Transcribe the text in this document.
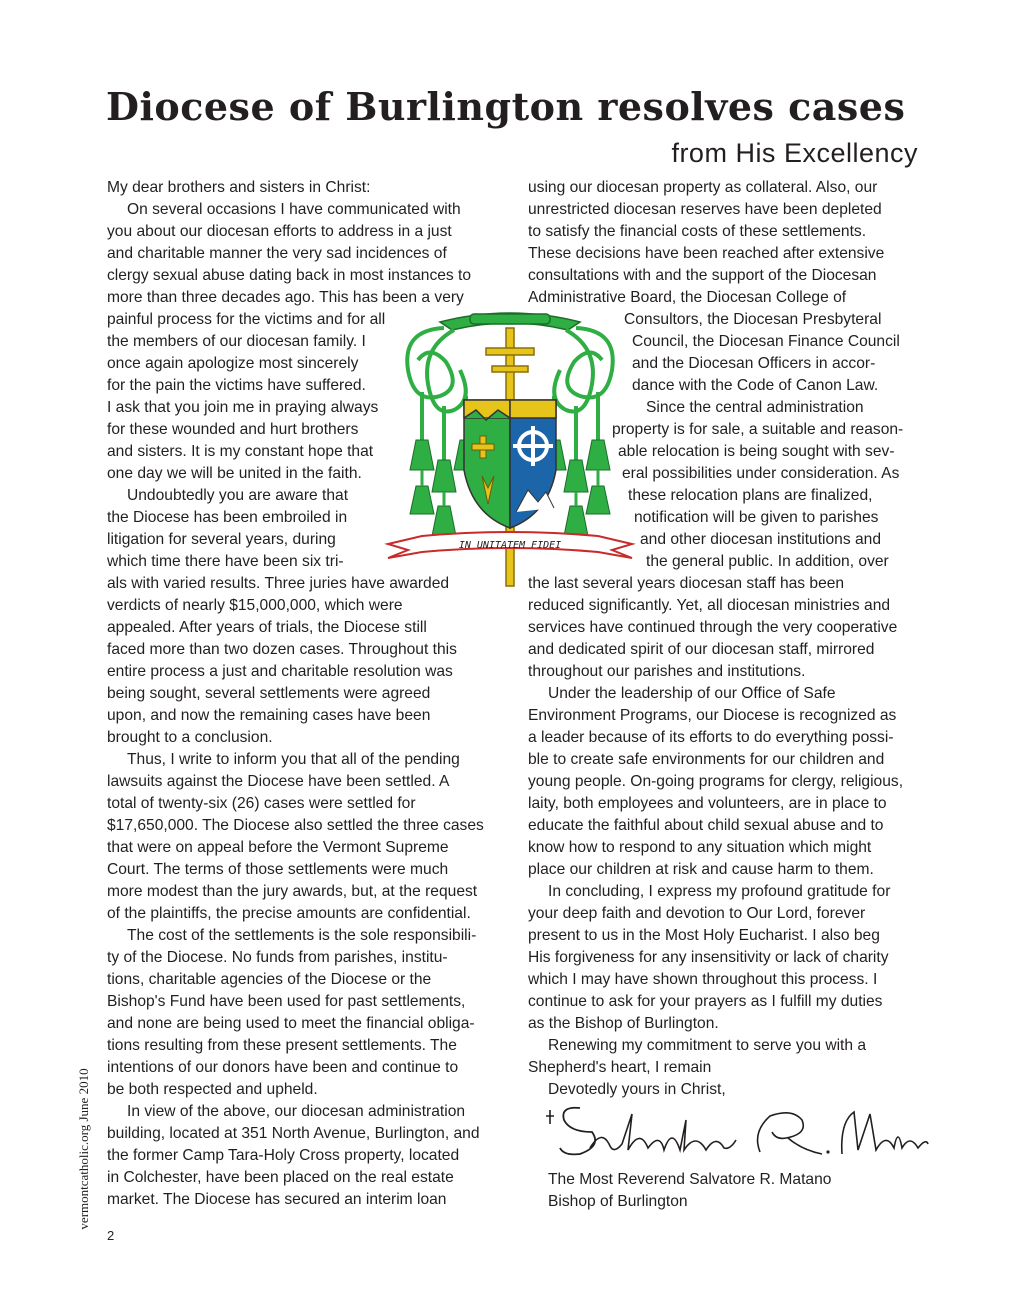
Diocese of Burlington resolves cases
from His Excellency
My dear brothers and sisters in Christ:
On several occasions I have communicated with
you about our diocesan efforts to address in a just
and charitable manner the very sad incidences of
clergy sexual abuse dating back in most instances to
more than three decades ago. This has been a very
painful process for the victims and for all
the members of our diocesan family. I
once again apologize most sincerely
for the pain the victims have suffered.
I ask that you join me in praying always
for these wounded and hurt brothers
and sisters. It is my constant hope that
one day we will be united in the faith.
Undoubtedly you are aware that
the Diocese has been embroiled in
litigation for several years, during
which time there have been six tri-
als with varied results. Three juries have awarded
verdicts of nearly $15,000,000, which were
appealed. After years of trials, the Diocese still
faced more than two dozen cases. Throughout this
entire process a just and charitable resolution was
being sought, several settlements were agreed
upon, and now the remaining cases have been
brought to a conclusion.
Thus, I write to inform you that all of the pending
lawsuits against the Diocese have been settled. A
total of twenty-six (26) cases were settled for
$17,650,000. The Diocese also settled the three cases
that were on appeal before the Vermont Supreme
Court. The terms of those settlements were much
more modest than the jury awards, but, at the request
of the plaintiffs, the precise amounts are confidential.
The cost of the settlements is the sole responsibili-
ty of the Diocese. No funds from parishes, institu-
tions, charitable agencies of the Diocese or the
Bishop's Fund have been used for past settlements,
and none are being used to meet the financial obliga-
tions resulting from these present settlements. The
intentions of our donors have been and continue to
be both respected and upheld.
In view of the above, our diocesan administration
building, located at 351 North Avenue, Burlington, and
the former Camp Tara-Holy Cross property, located
in Colchester, have been placed on the real estate
market. The Diocese has secured an interim loan
using our diocesan property as collateral. Also, our
unrestricted diocesan reserves have been depleted
to satisfy the financial costs of these settlements.
These decisions have been reached after extensive
consultations with and the support of the Diocesan
Administrative Board, the Diocesan College of
Consultors, the Diocesan Presbyteral
Council, the Diocesan Finance Council
and the Diocesan Officers in accor-
dance with the Code of Canon Law.
Since the central administration
property is for sale, a suitable and reason-
able relocation is being sought with sev-
eral possibilities under consideration. As
these relocation plans are finalized,
notification will be given to parishes
and other diocesan institutions and
the general public. In addition, over
the last several years diocesan staff has been
reduced significantly. Yet, all diocesan ministries and
services have continued through the very cooperative
and dedicated spirit of our diocesan staff, mirrored
throughout our parishes and institutions.
Under the leadership of our Office of Safe
Environment Programs, our Diocese is recognized as
a leader because of its efforts to do everything possi-
ble to create safe environments for our children and
young people. On-going programs for clergy, religious,
laity, both employees and volunteers, are in place to
educate the faithful about child sexual abuse and to
know how to respond to any situation which might
place our children at risk and cause harm to them.
In concluding, I express my profound gratitude for
your deep faith and devotion to Our Lord, forever
present to us in the Most Holy Eucharist. I also beg
His forgiveness for any insensitivity or lack of charity
which I may have shown throughout this process. I
continue to ask for your prayers as I fulfill my duties
as the Bishop of Burlington.
Renewing my commitment to serve you with a
Shepherd's heart, I remain
Devotedly yours in Christ,
IN UNITATEM FIDEI
The Most Reverend Salvatore R. Matano
Bishop of Burlington
vermontcatholic.org June 2010
2
